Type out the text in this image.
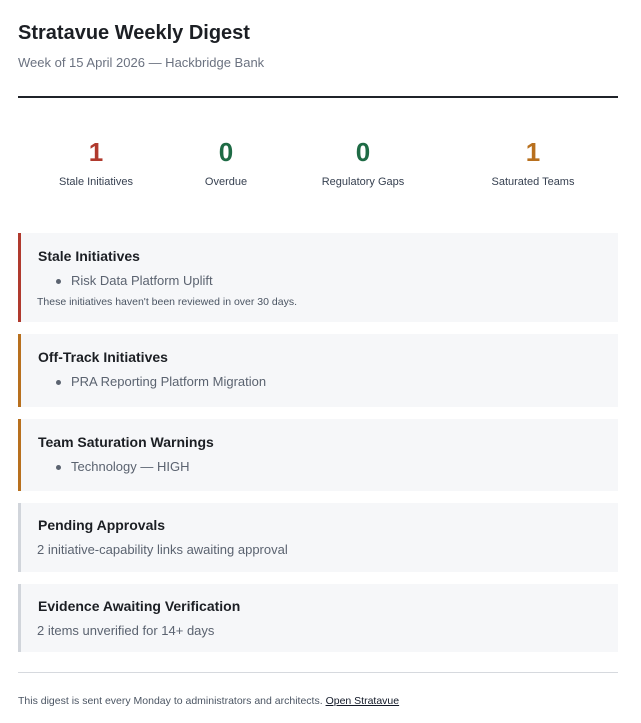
Stratavue Weekly Digest
Week of 15 April 2026 — Hackbridge Bank
1
Stale Initiatives
0
Overdue
0
Regulatory Gaps
1
Saturated Teams
Stale Initiatives
Risk Data Platform Uplift
These initiatives haven't been reviewed in over 30 days.
Off-Track Initiatives
PRA Reporting Platform Migration
Team Saturation Warnings
Technology — HIGH
Pending Approvals
2 initiative-capability links awaiting approval
Evidence Awaiting Verification
2 items unverified for 14+ days
This digest is sent every Monday to administrators and architects. Open Stratavue
